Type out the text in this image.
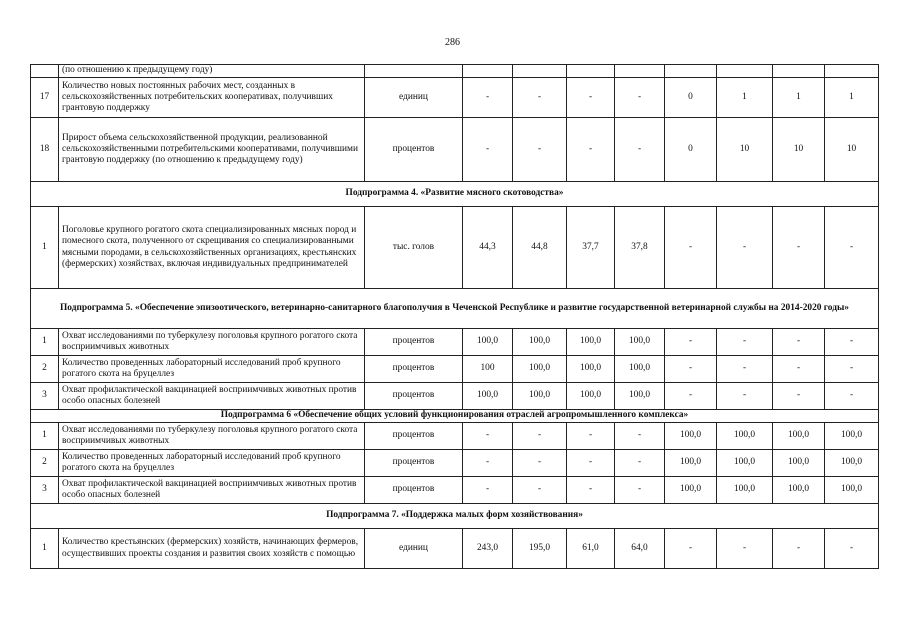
286
	(по отношению к предыдущему году)									
17	Количество новых постоянных рабочих мест, созданных в сельскохозяйственных потребительских кооперативах, получивших грантовую поддержку	единиц	-	-	-	-	0	1	1	1
18	Прирост объема сельскохозяйственной продукции, реализованной сельскохозяйственными потребительскими кооперативами, получившими грантовую поддержку (по отношению к предыдущему году)	процентов	-	-	-	-	0	10	10	10
Подпрограмма 4. «Развитие мясного скотоводства»										
1	Поголовье крупного рогатого скота специализированных мясных пород и помесного скота, полученного от скрещивания со специализированными мясными породами, в сельскохозяйственных организациях, крестьянских (фермерских) хозяйствах, включая индивидуальных предпринимателей	тыс. голов	44,3	44,8	37,7	37,8	-	-	-	-
Подпрограмма 5. «Обеспечение эпизоотического, ветеринарно-санитарного благополучия в Чеченской Республике и развитие государственной ветеринарной службы на 2014-2020 годы»										
1	Охват исследованиями по туберкулезу поголовья крупного рогатого скота восприимчивых животных	процентов	100,0	100,0	100,0	100,0	-	-	-	-
2	Количество проведенных лабораторный исследований проб крупного рогатого скота на бруцеллез	процентов	100	100,0	100,0	100,0	-	-	-	-
3	Охват профилактической вакцинацией восприимчивых животных против особо опасных болезней	процентов	100,0	100,0	100,0	100,0	-	-	-	-
Подпрограмма 6 «Обеспечение общих условий функционирования отраслей агропромышленного комплекса»										
1	Охват исследованиями по туберкулезу поголовья крупного рогатого скота восприимчивых животных	процентов	-	-	-	-	100,0	100,0	100,0	100,0
2	Количество проведенных лабораторный исследований проб крупного рогатого скота на бруцеллез	процентов	-	-	-	-	100,0	100,0	100,0	100,0
3	Охват профилактической вакцинацией восприимчивых животных против особо опасных болезней	процентов	-	-	-	-	100,0	100,0	100,0	100,0
Подпрограмма 7. «Поддержка малых форм хозяйствования»										
1	Количество крестьянских (фермерских) хозяйств, начинающих фермеров, осуществивших проекты создания и развития своих хозяйств с помощью	единиц	243,0	195,0	61,0	64,0	-	-	-	-
